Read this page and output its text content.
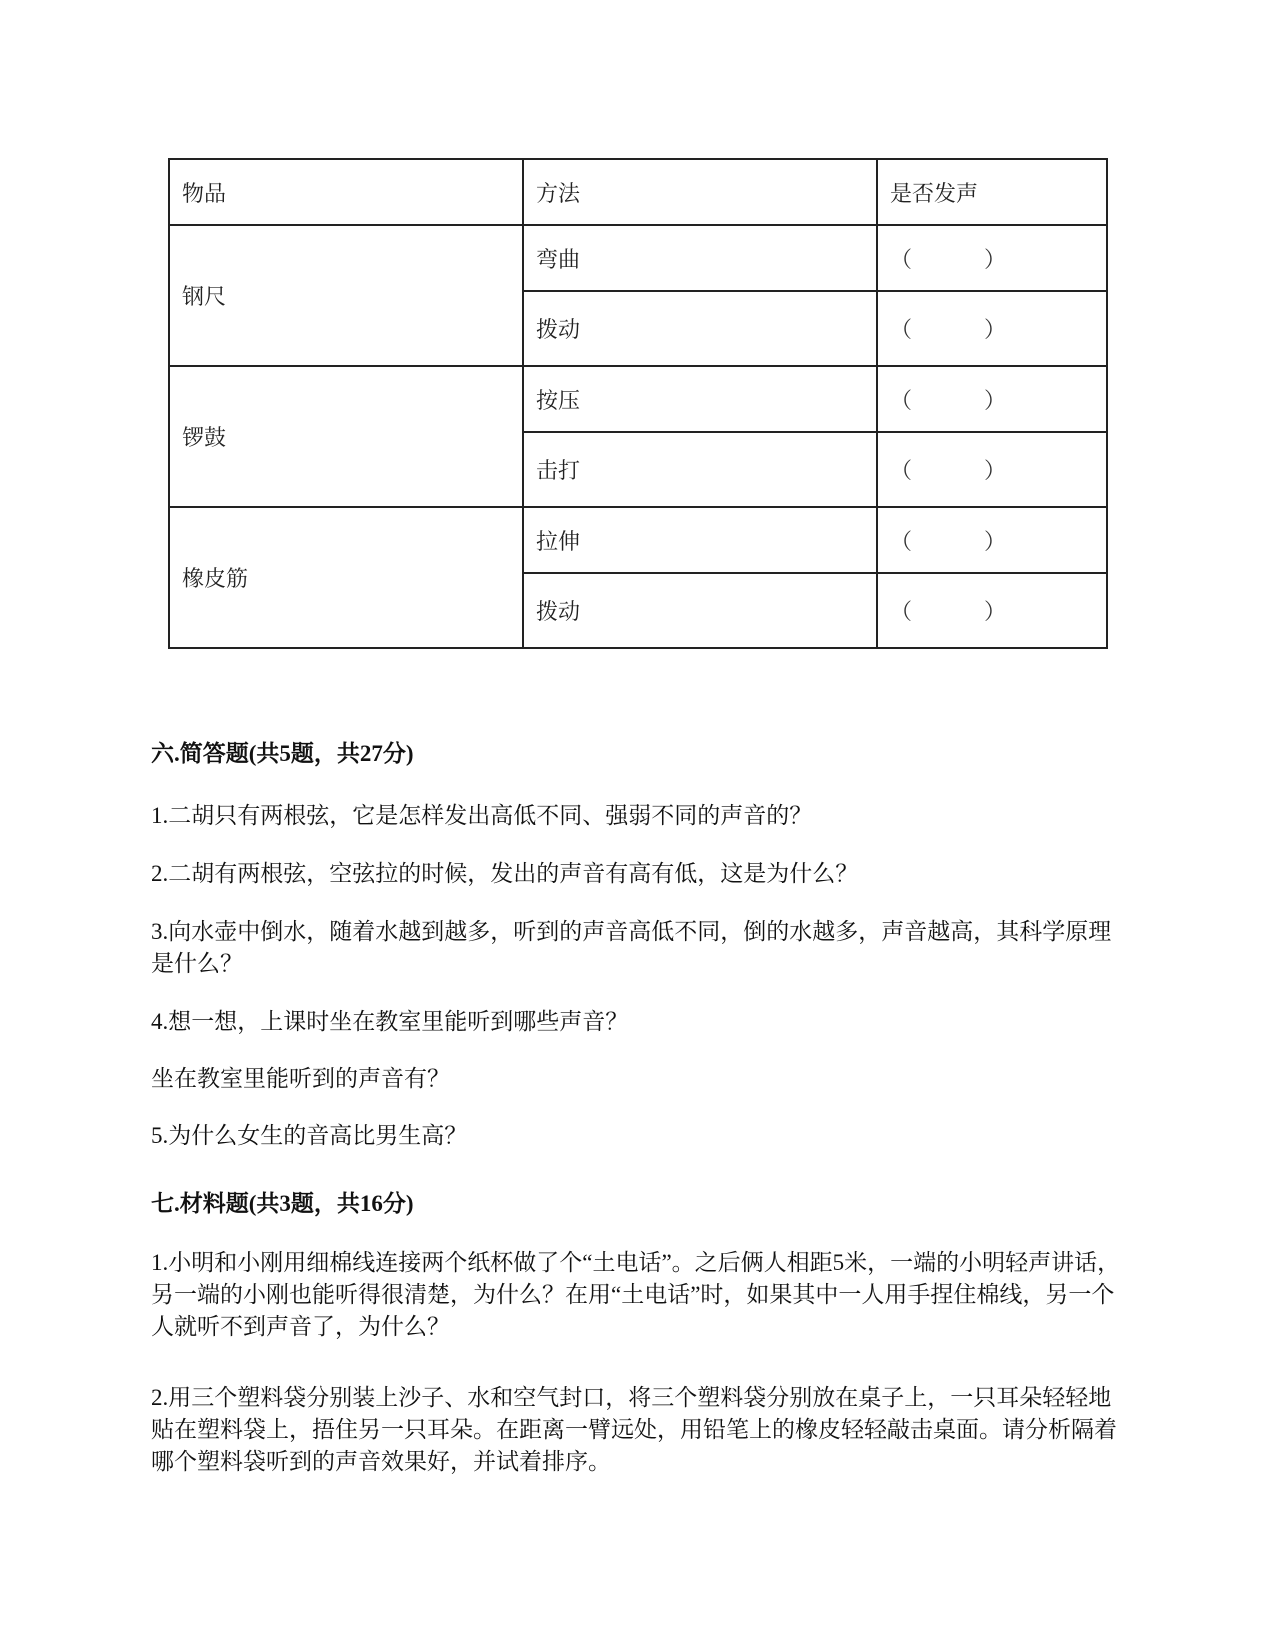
物品	方法	是否发声
钢尺	弯曲	（ ）
	拨动	（ ）
锣鼓	按压	（ ）
	击打	（ ）
橡皮筋	拉伸	（ ）
	拨动	（ ）
六.简答题(共5题，共27分)
1.二胡只有两根弦，它是怎样发出高低不同、强弱不同的声音的？
2.二胡有两根弦，空弦拉的时候，发出的声音有高有低，这是为什么？
3.向水壶中倒水，随着水越到越多，听到的声音高低不同，倒的水越多，声音越高，其科学原理是什么？
4.想一想，上课时坐在教室里能听到哪些声音？
坐在教室里能听到的声音有？
5.为什么女生的音高比男生高？
七.材料题(共3题，共16分)
1.小明和小刚用细棉线连接两个纸杯做了个“土电话”。之后俩人相距5米，一端的小明轻声讲话，另一端的小刚也能听得很清楚，为什么？在用“土电话”时，如果其中一人用手捏住棉线，另一个人就听不到声音了，为什么？
2.用三个塑料袋分别装上沙子、水和空气封口，将三个塑料袋分别放在桌子上，一只耳朵轻轻地贴在塑料袋上，捂住另一只耳朵。在距离一臂远处，用铅笔上的橡皮轻轻敲击桌面。请分析隔着哪个塑料袋听到的声音效果好，并试着排序。
